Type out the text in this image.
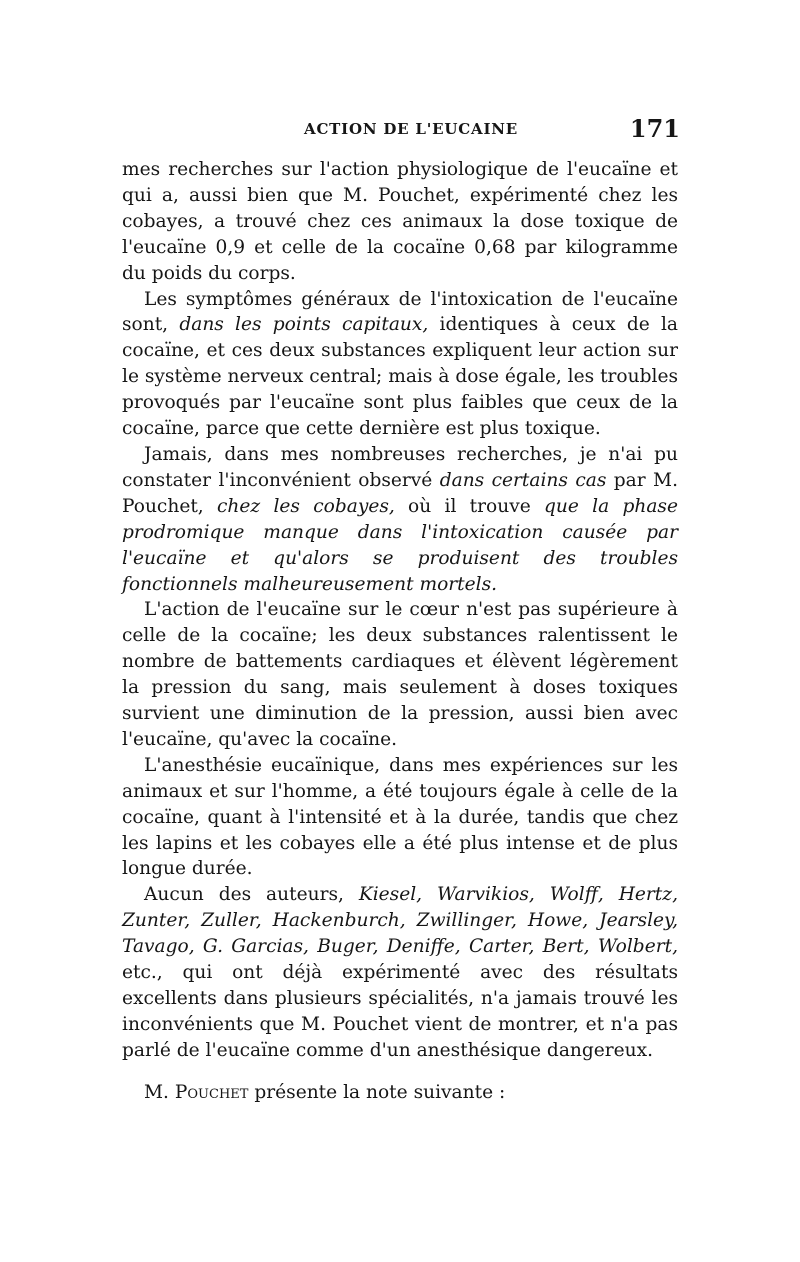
ACTION DE L'EUCAINE	171

mes recherches sur l'action physiologique de l'eucaïne et qui a, aussi bien que M. Pouchet, expérimenté chez les cobayes, a trouvé chez ces animaux la dose toxique de l'eucaïne 0,9 et celle de la cocaïne 0,68 par kilogramme du poids du corps.

Les symptômes généraux de l'intoxication de l'eucaïne sont, dans les points capitaux, identiques à ceux de la cocaïne, et ces deux substances expliquent leur action sur le système nerveux central; mais à dose égale, les troubles provoqués par l'eucaïne sont plus faibles que ceux de la cocaïne, parce que cette dernière est plus toxique.

Jamais, dans mes nombreuses recherches, je n'ai pu constater l'inconvénient observé dans certains cas par M. Pouchet, chez les cobayes, où il trouve que la phase prodromique manque dans l'intoxication causée par l'eucaïne et qu'alors se produisent des troubles fonctionnels malheureusement mortels.

L'action de l'eucaïne sur le cœur n'est pas supérieure à celle de la cocaïne; les deux substances ralentissent le nombre de battements cardiaques et élèvent légèrement la pression du sang, mais seulement à doses toxiques survient une diminution de la pression, aussi bien avec l'eucaïne, qu'avec la cocaïne.

L'anesthésie eucaïnique, dans mes expériences sur les animaux et sur l'homme, a été toujours égale à celle de la cocaïne, quant à l'intensité et à la durée, tandis que chez les lapins et les cobayes elle a été plus intense et de plus longue durée.

Aucun des auteurs, Kiesel, Warvikios, Wolff, Hertz, Zunter, Zuller, Hackenburch, Zwillinger, Howe, Jearsley, Tavago, G. Garcias, Buger, Deniffe, Carter, Bert, Wolbert, etc., qui ont déjà expérimenté avec des résultats excellents dans plusieurs spécialités, n'a jamais trouvé les inconvénients que M. Pouchet vient de montrer, et n'a pas parlé de l'eucaïne comme d'un anesthésique dangereux.

M. Pouchet présente la note suivante :
